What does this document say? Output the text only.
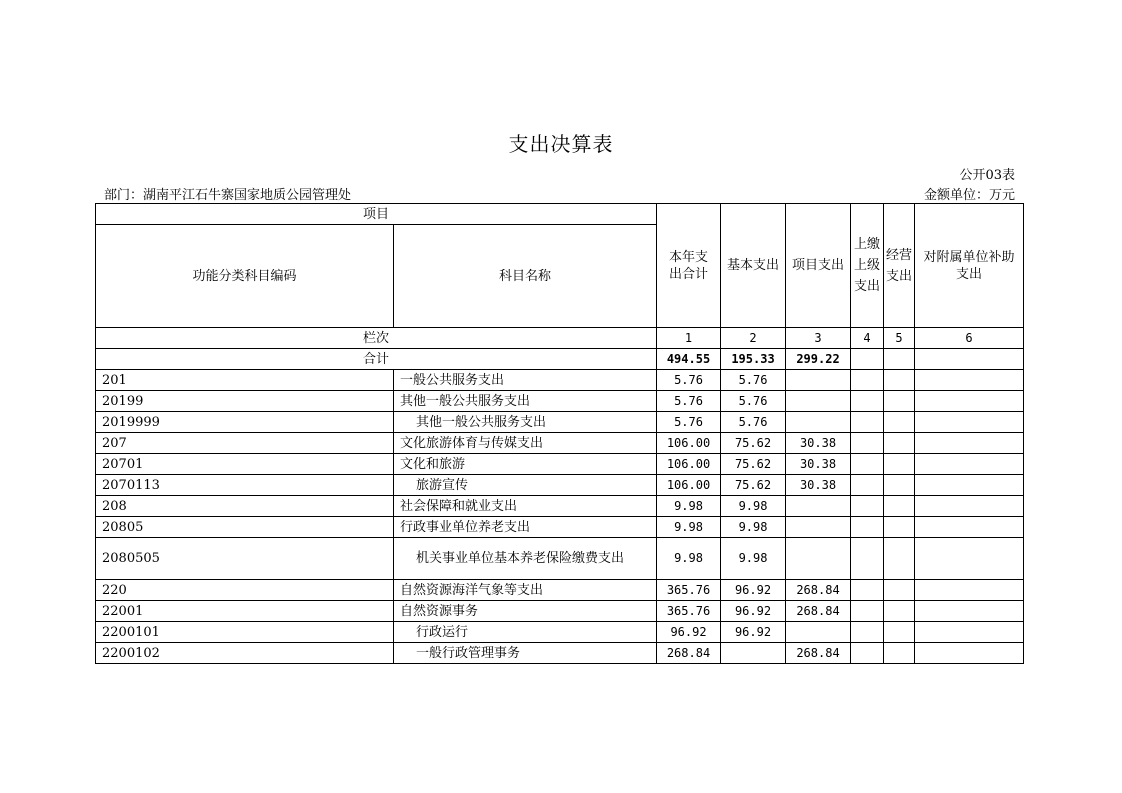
支出决算表
公开03表
部门：湖南平江石牛寨国家地质公园管理处	金额单位：万元
项目		本年支出合计	基本支出	项目支出	上缴上级支出	经营支出	对附属单位补助支出
功能分类科目编码	科目名称						
栏次		1	2	3	4	5	6
合计		494.55	195.33	299.22			
201	一般公共服务支出	5.76	5.76				
20199	其他一般公共服务支出	5.76	5.76				
2019999	其他一般公共服务支出	5.76	5.76				
207	文化旅游体育与传媒支出	106.00	75.62	30.38			
20701	文化和旅游	106.00	75.62	30.38			
2070113	旅游宣传	106.00	75.62	30.38			
208	社会保障和就业支出	9.98	9.98				
20805	行政事业单位养老支出	9.98	9.98				
2080505	机关事业单位基本养老保险缴费支出	9.98	9.98				
220	自然资源海洋气象等支出	365.76	96.92	268.84			
22001	自然资源事务	365.76	96.92	268.84			
2200101	行政运行	96.92	96.92				
2200102	一般行政管理事务	268.84		268.84			
